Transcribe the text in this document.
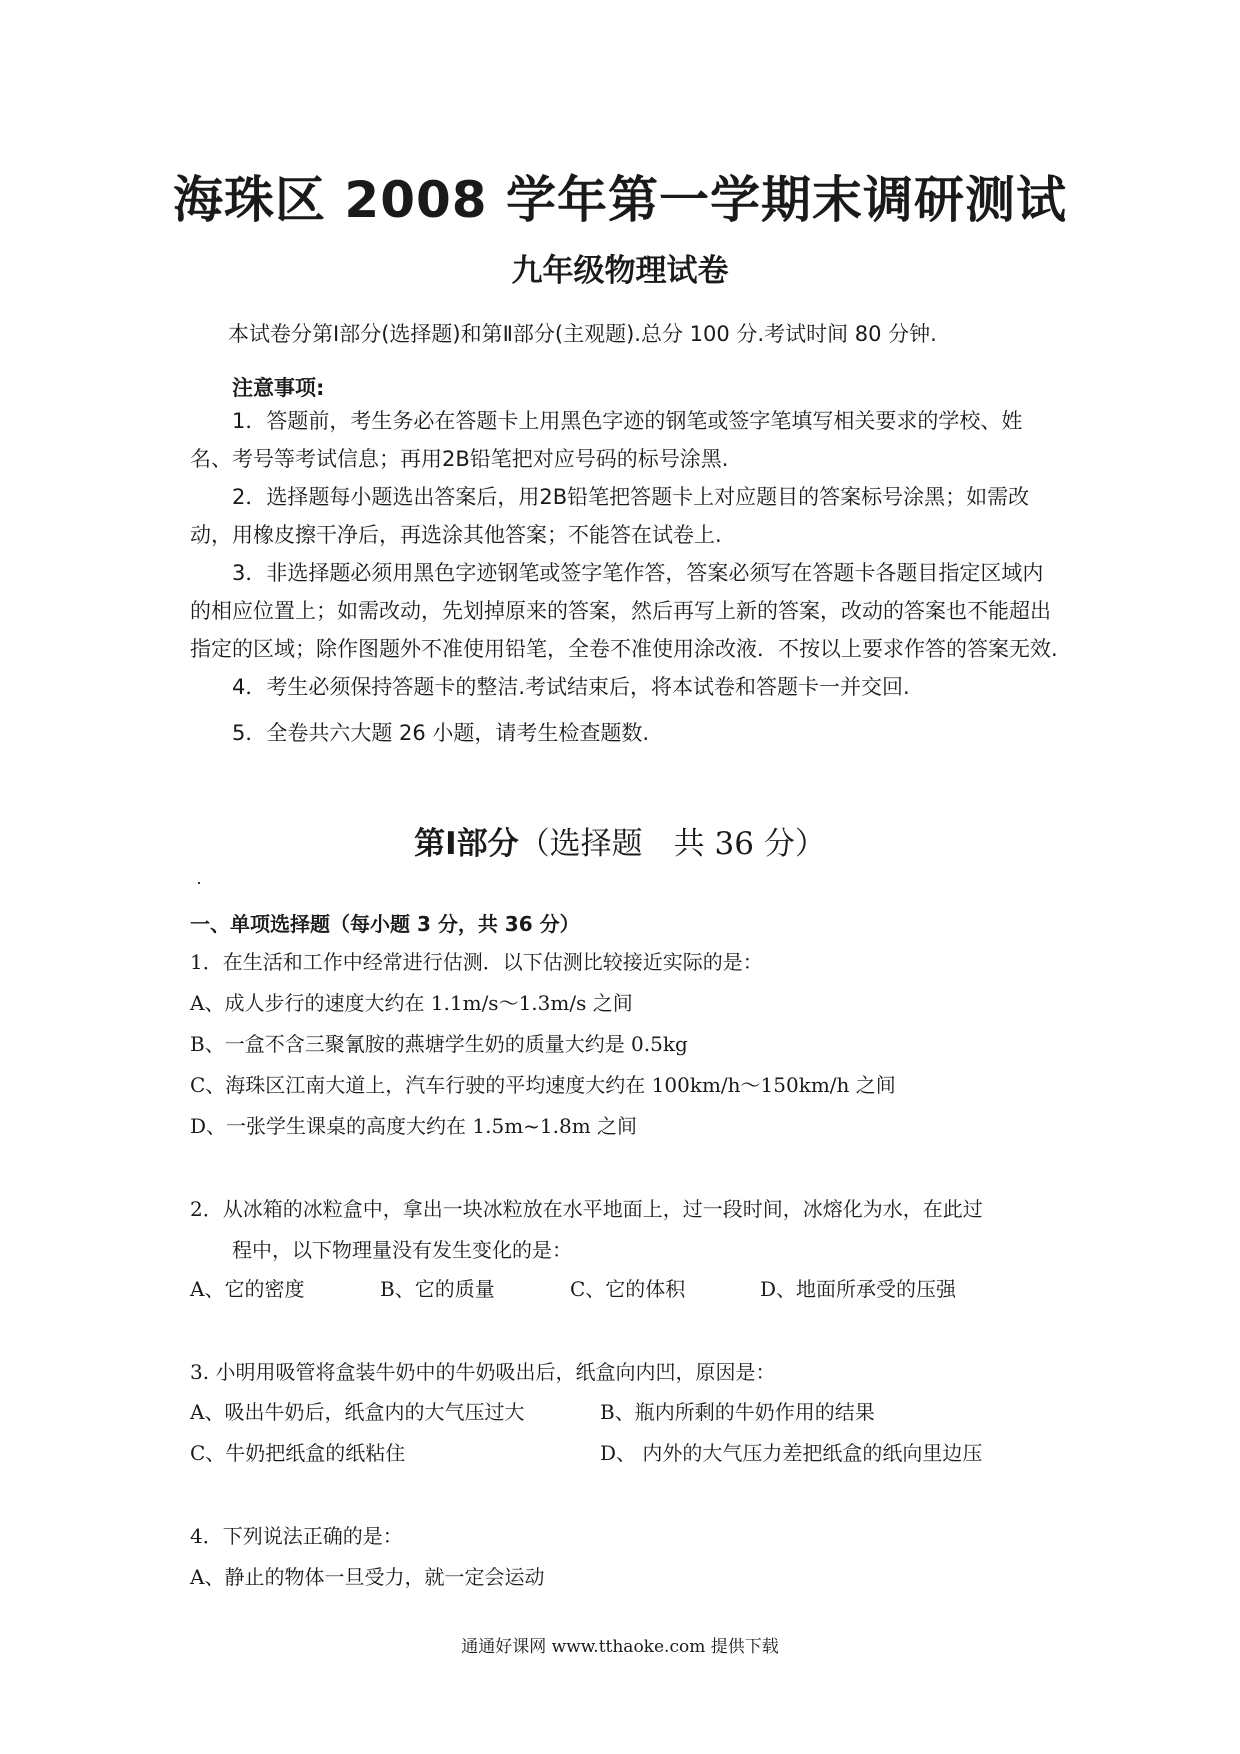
海珠区 2008 学年第一学期末调研测试
九年级物理试卷
本试卷分第Ⅰ部分(选择题)和第Ⅱ部分(主观题).总分 100 分.考试时间 80 分钟.
注意事项:

1．答题前，考生务必在答题卡上用黑色字迹的钢笔或签字笔填写相关要求的学校、姓名、考号等考试信息；再用2B铅笔把对应号码的标号涂黑.

2．选择题每小题选出答案后，用2B铅笔把答题卡上对应题目的答案标号涂黑；如需改动，用橡皮擦干净后，再选涂其他答案；不能答在试卷上.

3．非选择题必须用黑色字迹钢笔或签字笔作答，答案必须写在答题卡各题目指定区域内的相应位置上；如需改动，先划掉原来的答案，然后再写上新的答案，改动的答案也不能超出指定的区域；除作图题外不准使用铅笔，全卷不准使用涂改液．不按以上要求作答的答案无效.

4．考生必须保持答题卡的整洁.考试结束后，将本试卷和答题卡一并交回.

5．全卷共六大题 26 小题，请考生检查题数.

第Ⅰ部分（选择题　共 36 分）
一、单项选择题（每小题 3 分，共 36 分）
1．在生活和工作中经常进行估测．以下估测比较接近实际的是：
A、成人步行的速度大约在 1.1m/s～1.3m/s 之间
B、一盒不含三聚氰胺的燕塘学生奶的质量大约是 0.5kg
C、海珠区江南大道上，汽车行驶的平均速度大约在 100km/h～150km/h 之间
D、一张学生课桌的高度大约在 1.5m~1.8m 之间
2．从冰箱的冰粒盒中，拿出一块冰粒放在水平地面上，过一段时间，冰熔化为水，在此过
程中，以下物理量没有发生变化的是：
A、它的密度	B、它的质量	C、它的体积	D、地面所承受的压强
3. 小明用吸管将盒装牛奶中的牛奶吸出后，纸盒向内凹，原因是：
A、吸出牛奶后，纸盒内的大气压过大	B、瓶内所剩的牛奶作用的结果
C、牛奶把纸盒的纸粘住	D、 内外的大气压力差把纸盒的纸向里边压
4．下列说法正确的是：
A、静止的物体一旦受力，就一定会运动
通通好课网 www.tthaoke.com 提供下载
